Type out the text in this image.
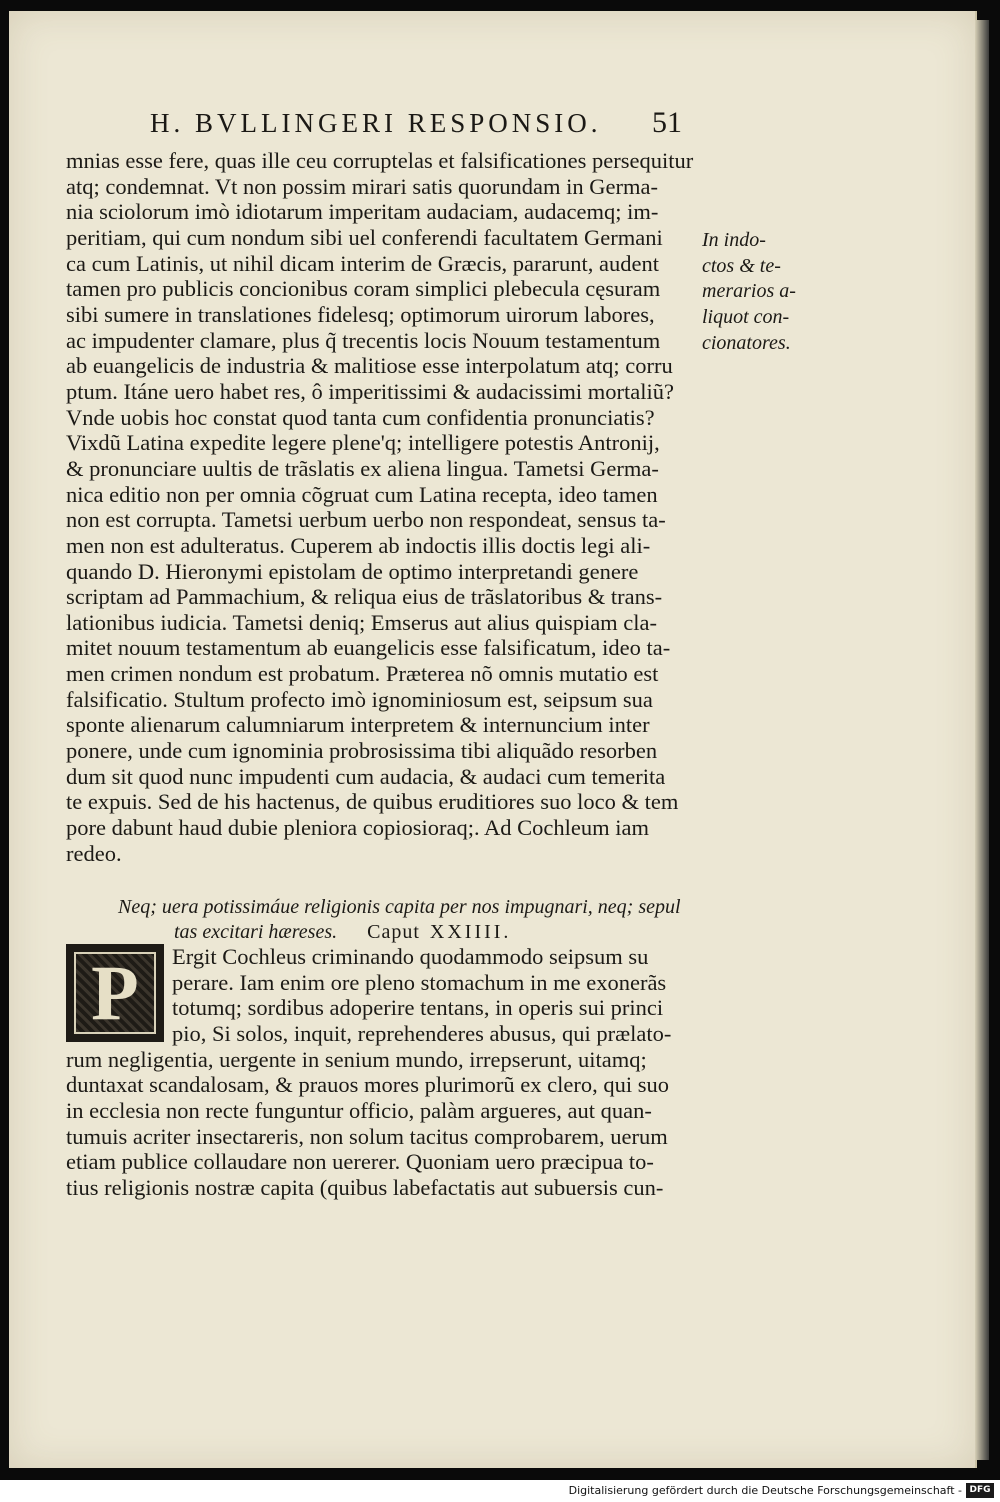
H. BVLLINGERI RESPONSIO. 51
mnias esse fere, quas ille ceu corruptelas et falsificationes persequitur
atq; condemnat. Vt non possim mirari satis quorundam in Germa-
nia sciolorum imò idiotarum imperitam audaciam, audacemq; im-
peritiam, qui cum nondum sibi uel conferendi facultatem Germani
ca cum Latinis, ut nihil dicam interim de Græcis, pararunt, audent
tamen pro publicis concionibus coram simplici plebecula cęsuram
sibi sumere in translationes fidelesq; optimorum uirorum labores,
ac impudenter clamare, plus q̃ trecentis locis Nouum testamentum
ab euangelicis de industria & malitiose esse interpolatum atq; corru
ptum. Itáne uero habet res, ô imperitissimi & audacissimi mortaliũ?
Vnde uobis hoc constat quod tanta cum confidentia pronunciatis?
Vixdũ Latina expedite legere plene'q; intelligere potestis Antronij,
& pronunciare uultis de trãslatis ex aliena lingua. Tametsi Germa-
nica editio non per omnia cõgruat cum Latina recepta, ideo tamen
non est corrupta. Tametsi uerbum uerbo non respondeat, sensus ta-
men non est adulteratus. Cuperem ab indoctis illis doctis legi ali-
quando D. Hieronymi epistolam de optimo interpretandi genere
scriptam ad Pammachium, & reliqua eius de trãslatoribus & trans-
lationibus iudicia. Tametsi deniq; Emserus aut alius quispiam cla-
mitet nouum testamentum ab euangelicis esse falsificatum, ideo ta-
men crimen nondum est probatum. Præterea nõ omnis mutatio est
falsificatio. Stultum profecto imò ignominiosum est, seipsum sua
sponte alienarum calumniarum interpretem & internuncium inter
ponere, unde cum ignominia probrosissima tibi aliquãdo resorben
dum sit quod nunc impudenti cum audacia, & audaci cum temerita
te expuis. Sed de his hactenus, de quibus eruditiores suo loco & tem
pore dabunt haud dubie pleniora copiosioraq;. Ad Cochleum iam
redeo.
In indo-
ctos & te-
merarios a-
liquot con-
cionatores.
Neq; uera potissimáue religionis capita per nos impugnari, neq; sepul
tas excitari hæreses. Caput XXIIII.
P	Ergit Cochleus criminando quodammodo seipsum su
perare. Iam enim ore pleno stomachum in me exonerãs
totumq; sordibus adoperire tentans, in operis sui princi
pio, Si solos, inquit, reprehenderes abusus, qui prælato-
rum negligentia, uergente in senium mundo, irrepserunt, uitamq;
duntaxat scandalosam, & prauos mores plurimorũ ex clero, qui suo
in ecclesia non recte funguntur officio, palàm argueres, aut quan-
tumuis acriter insectareris, non solum tacitus comprobarem, uerum
etiam publice collaudare non uererer. Quoniam uero præcipua to-
tius religionis nostræ capita (quibus labefactatis aut subuersis cun-
Digitalisierung gefördert durch die Deutsche Forschungsgemeinschaft - DFG
